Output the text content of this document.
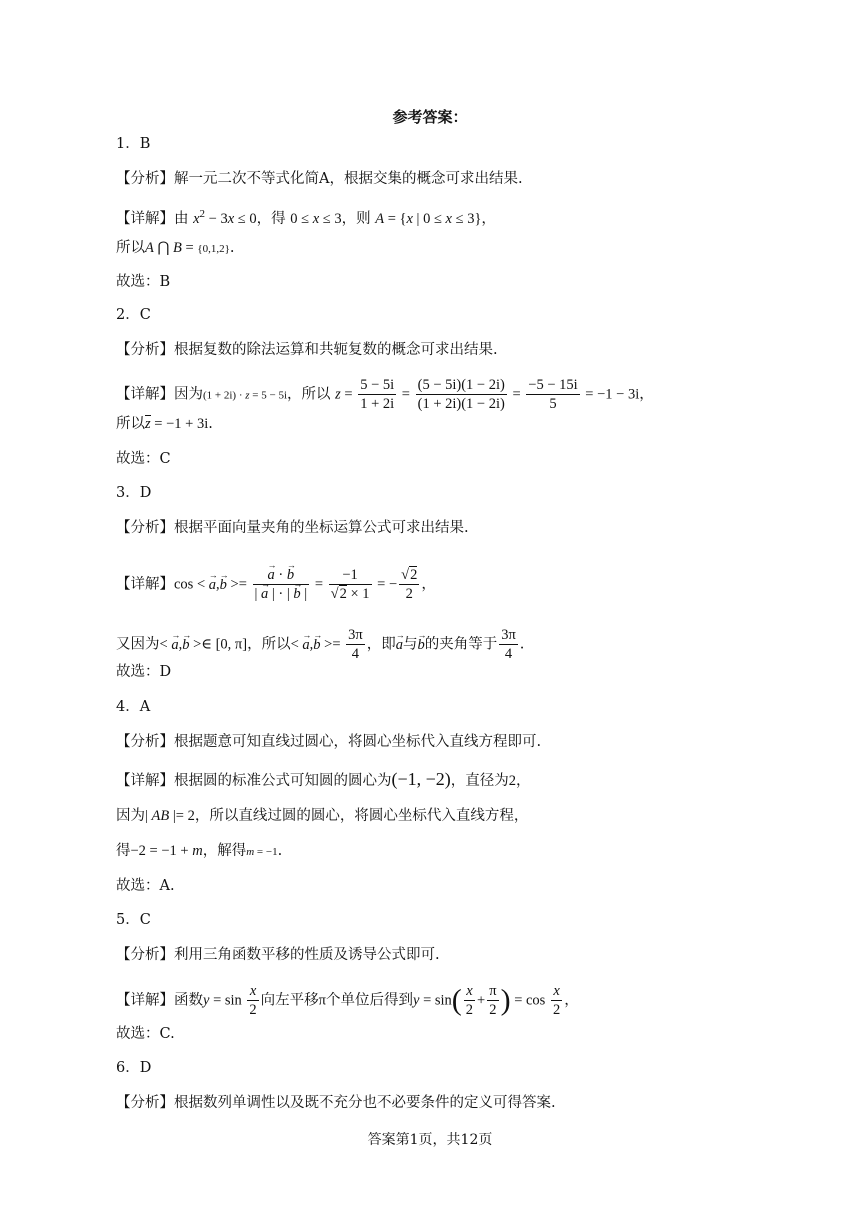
参考答案：
1．B
【分析】解一元二次不等式化简A，根据交集的概念可求出结果.
【详解】由 $x^2 - 3x \le 0$，得 0 ≤ x ≤ 3，则 A = {x | 0 ≤ x ≤ 3}，
所以A ⋂ B = {0,1,2}.
故选：B
2．C
【分析】根据复数的除法运算和共轭复数的概念可求出结果.
【详解】因为(1 + 2i) · z = 5 − 5i，所以 $z = \frac{5 - 5i}{1 + 2i} = \frac{(5 - 5i)(1 - 2i)}{(1 + 2i)(1 - 2i)} = \frac{-5 - 15i}{5} = -1 - 3i$，
所以z = −1 + 3i.
故选：C
3．D
【分析】根据平面向量夹角的坐标运算公式可求出结果.
【详解】cos < → a,→ b >=
→ $\frac{a \cdot \to b}{| \to a | \cdot | \to b |} = \frac{-1}{√2 \times 1}$ = − $\frac{√2}{2}$ ，
又因为< → a,→ b >∈ [0, π]，所以< → $a,\to b >= \frac{3\pi}{4}$ ，即→ a与→ b的夹角等于 $\frac{3\pi}{4}$ .
故选：D
4．A
【分析】根据题意可知直线过圆心，将圆心坐标代入直线方程即可.
【详解】根据圆的标准公式可知圆的圆心为(−1, −2)，直径为2，
因为| AB |= 2，所以直线过圆的圆心，将圆心坐标代入直线方程，
得−2 = −1 + m，解得m = −1.
故选：A.
5．C
【分析】利用三角函数平移的性质及诱导公式即可.
【详解】函数$y = \sin \frac{x}{2}$ 向左平移π个单位后得到$y = \sin( \frac{x}{2} + \frac{\pi}{2}$ ) = $\cos \frac{x}{2}$ ，
故选：C.
6．D
【分析】根据数列单调性以及既不充分也不必要条件的定义可得答案.
答案第1页，共12页
